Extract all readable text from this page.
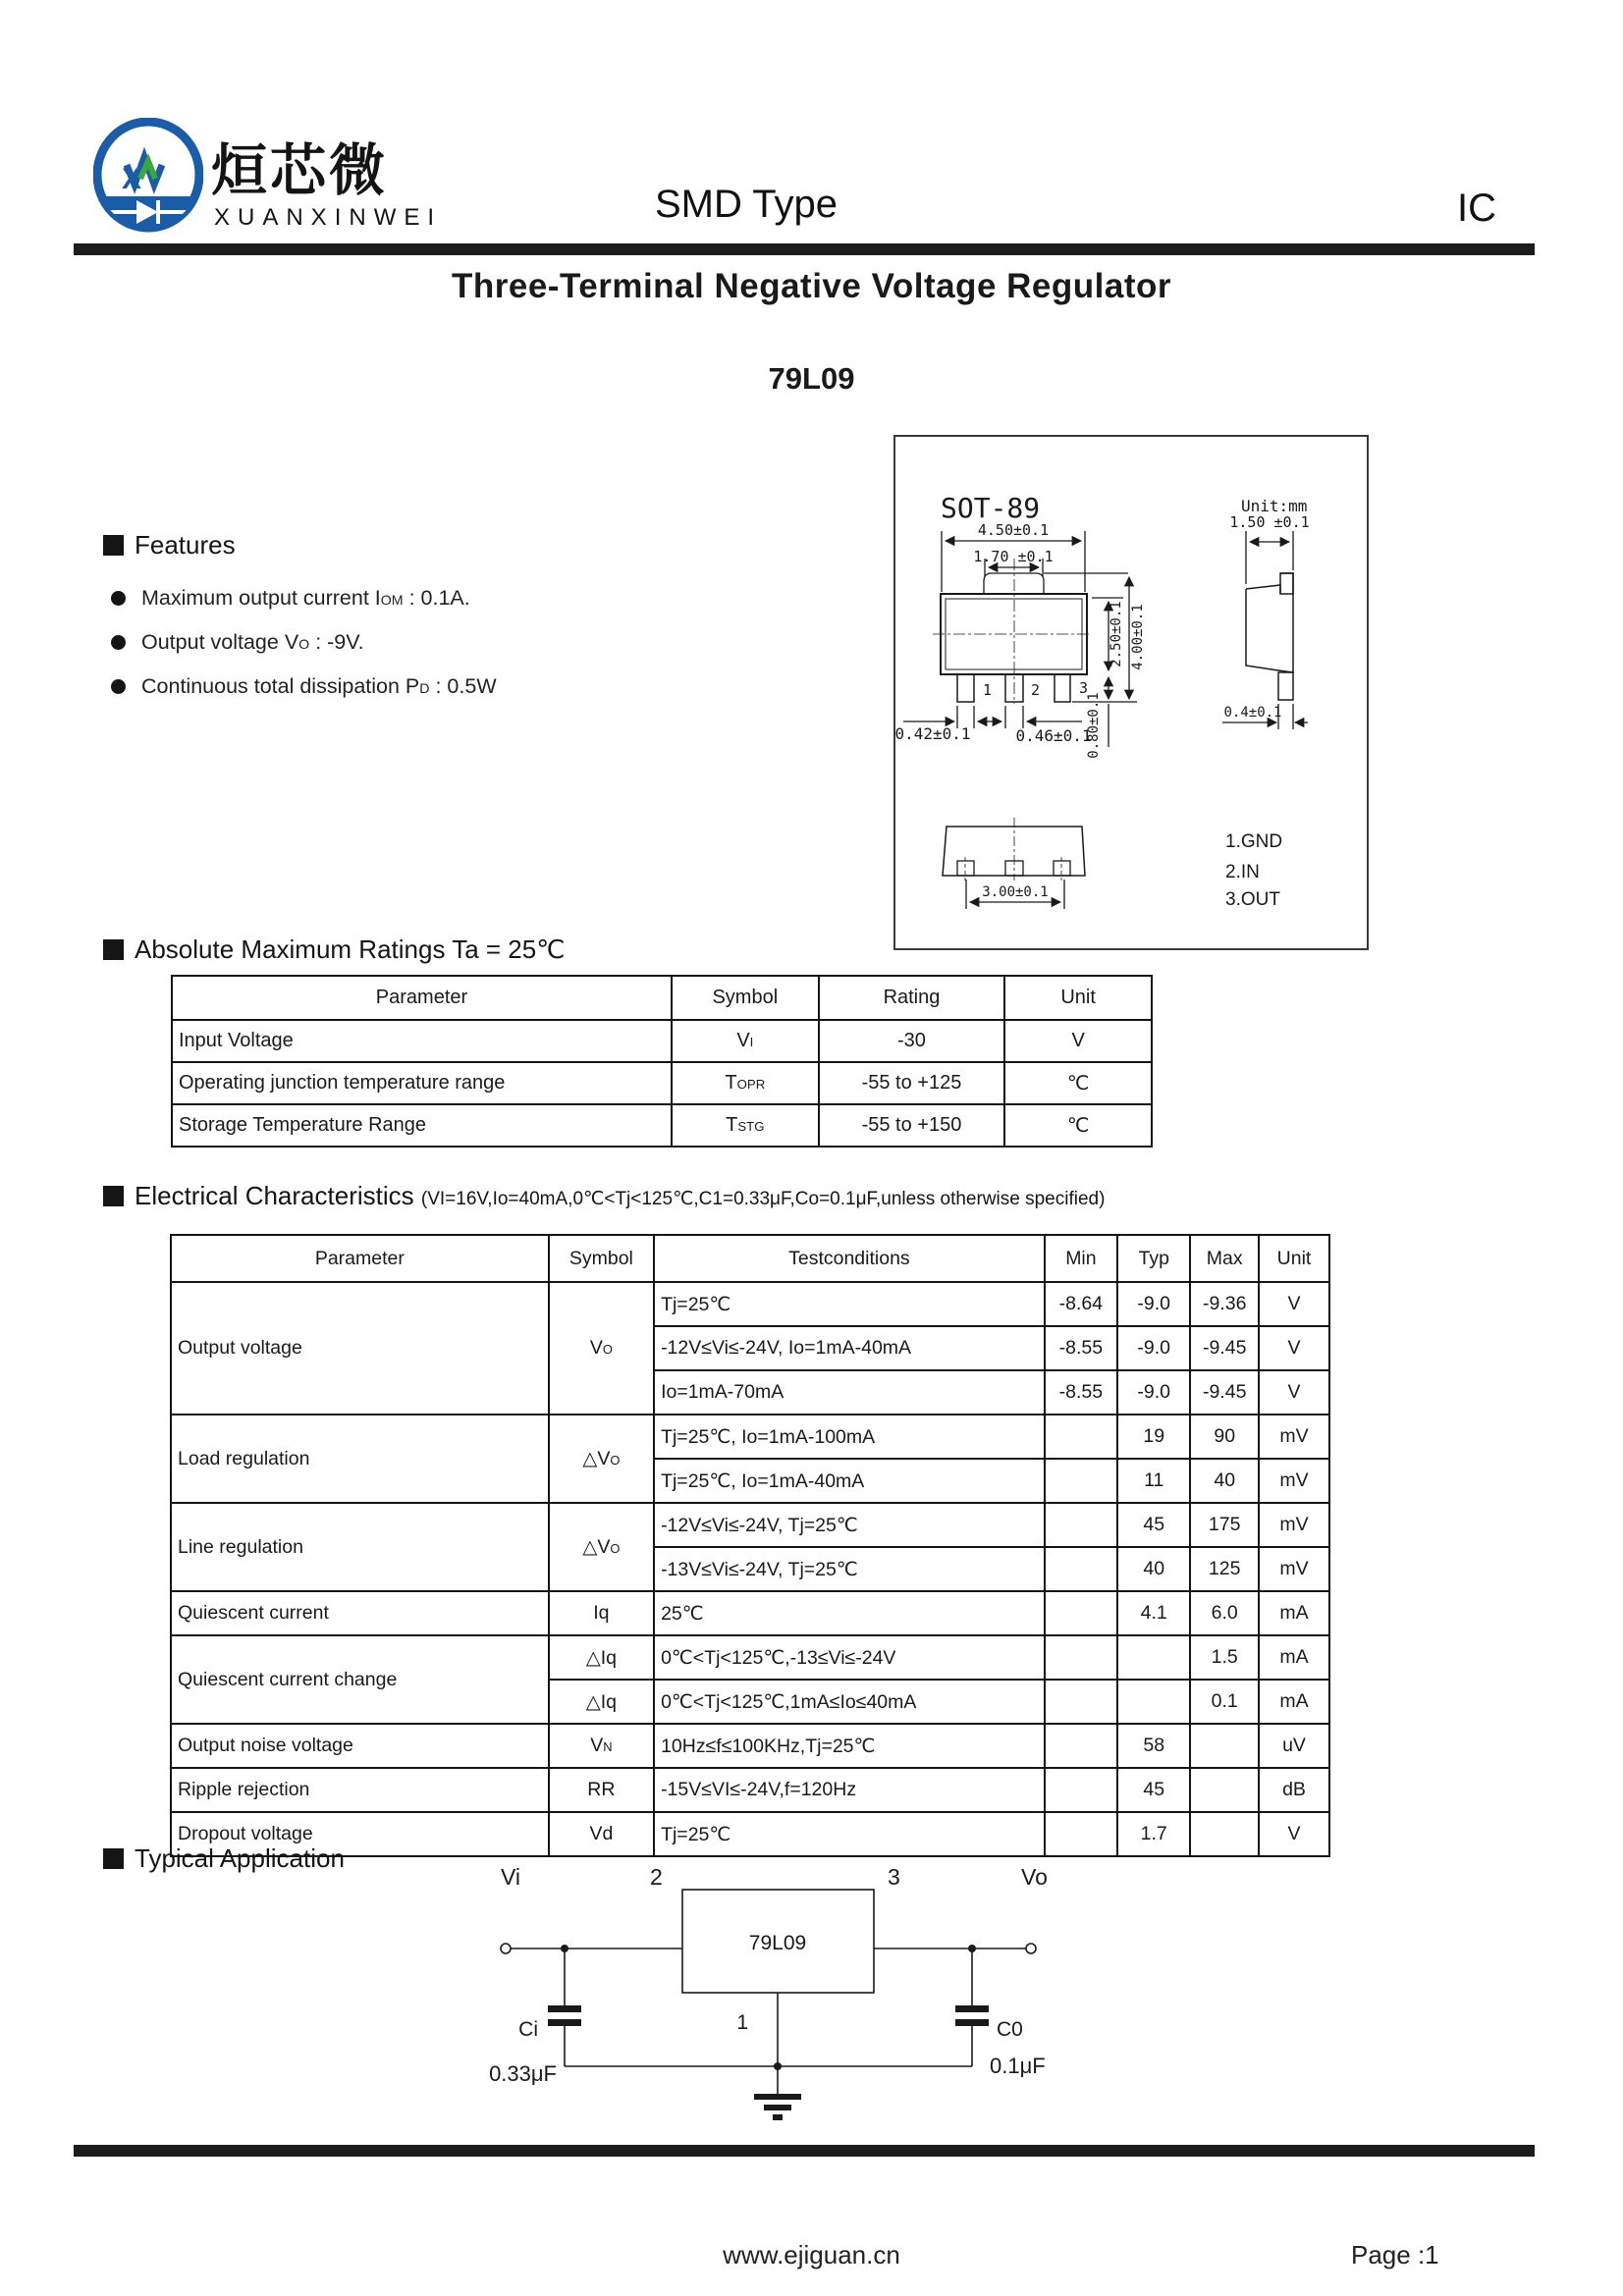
X 烜芯微
XUANXINWEI	SMD Type	IC
Three-Terminal Negative Voltage Regulator
79L09
SOT-89	Unit:mm
4.50±0.1
1.70 ±0.1
1	2	3
2.50±0.1 4.00±0.1
0.80±0.1
0.42±0.1	0.46±0.1
1.50 ±0.1
0.4±0.1
3.00±0.1
1.GND
2.IN
3.OUT
Features
Maximum output current IOM : 0.1A.
Output voltage VO : -9V.
Continuous total dissipation PD : 0.5W
Absolute Maximum Ratings Ta = 25℃
Parameter	Symbol	Rating	Unit
Input Voltage	VI	-30	V
Operating junction temperature range	TOPR	-55 to +125	℃
Storage Temperature Range	TSTG	-55 to +150	℃
Electrical Characteristics (VI=16V,Io=40mA,0℃<Tj<125℃,C1=0.33μF,Co=0.1μF,unless otherwise specified)
Parameter	Symbol	Testconditions	Min	Typ	Max	Unit
Output voltage	VO	Tj=25℃	-8.64	-9.0	-9.36	V
		-12V≤Vi≤-24V, Io=1mA-40mA	-8.55	-9.0	-9.45	V
		Io=1mA-70mA	-8.55	-9.0	-9.45	V
Load regulation	△VO	Tj=25℃, Io=1mA-100mA		19	90	mV
		Tj=25℃, Io=1mA-40mA		11	40	mV
Line regulation	△VO	-12V≤Vi≤-24V, Tj=25℃		45	175	mV
		-13V≤Vi≤-24V, Tj=25℃		40	125	mV
Quiescent current	Iq	25℃		4.1	6.0	mA
Quiescent current change	△Iq	0℃<Tj<125℃,-13≤Vi≤-24V			1.5	mA
	△Iq	0℃<Tj<125℃,1mA≤Io≤40mA			0.1	mA
Output noise voltage	VN	10Hz≤f≤100KHz,Tj=25℃		58		uV
Ripple rejection	RR	-15V≤VI≤-24V,f=120Hz		45		dB
Dropout voltage	Vd	Tj=25℃		1.7		V
Typical Application
Vi	Vo
2	3
79L09
1
Ci
0.33μF
C0
0.1μF
www.ejiguan.cn	Page :1
